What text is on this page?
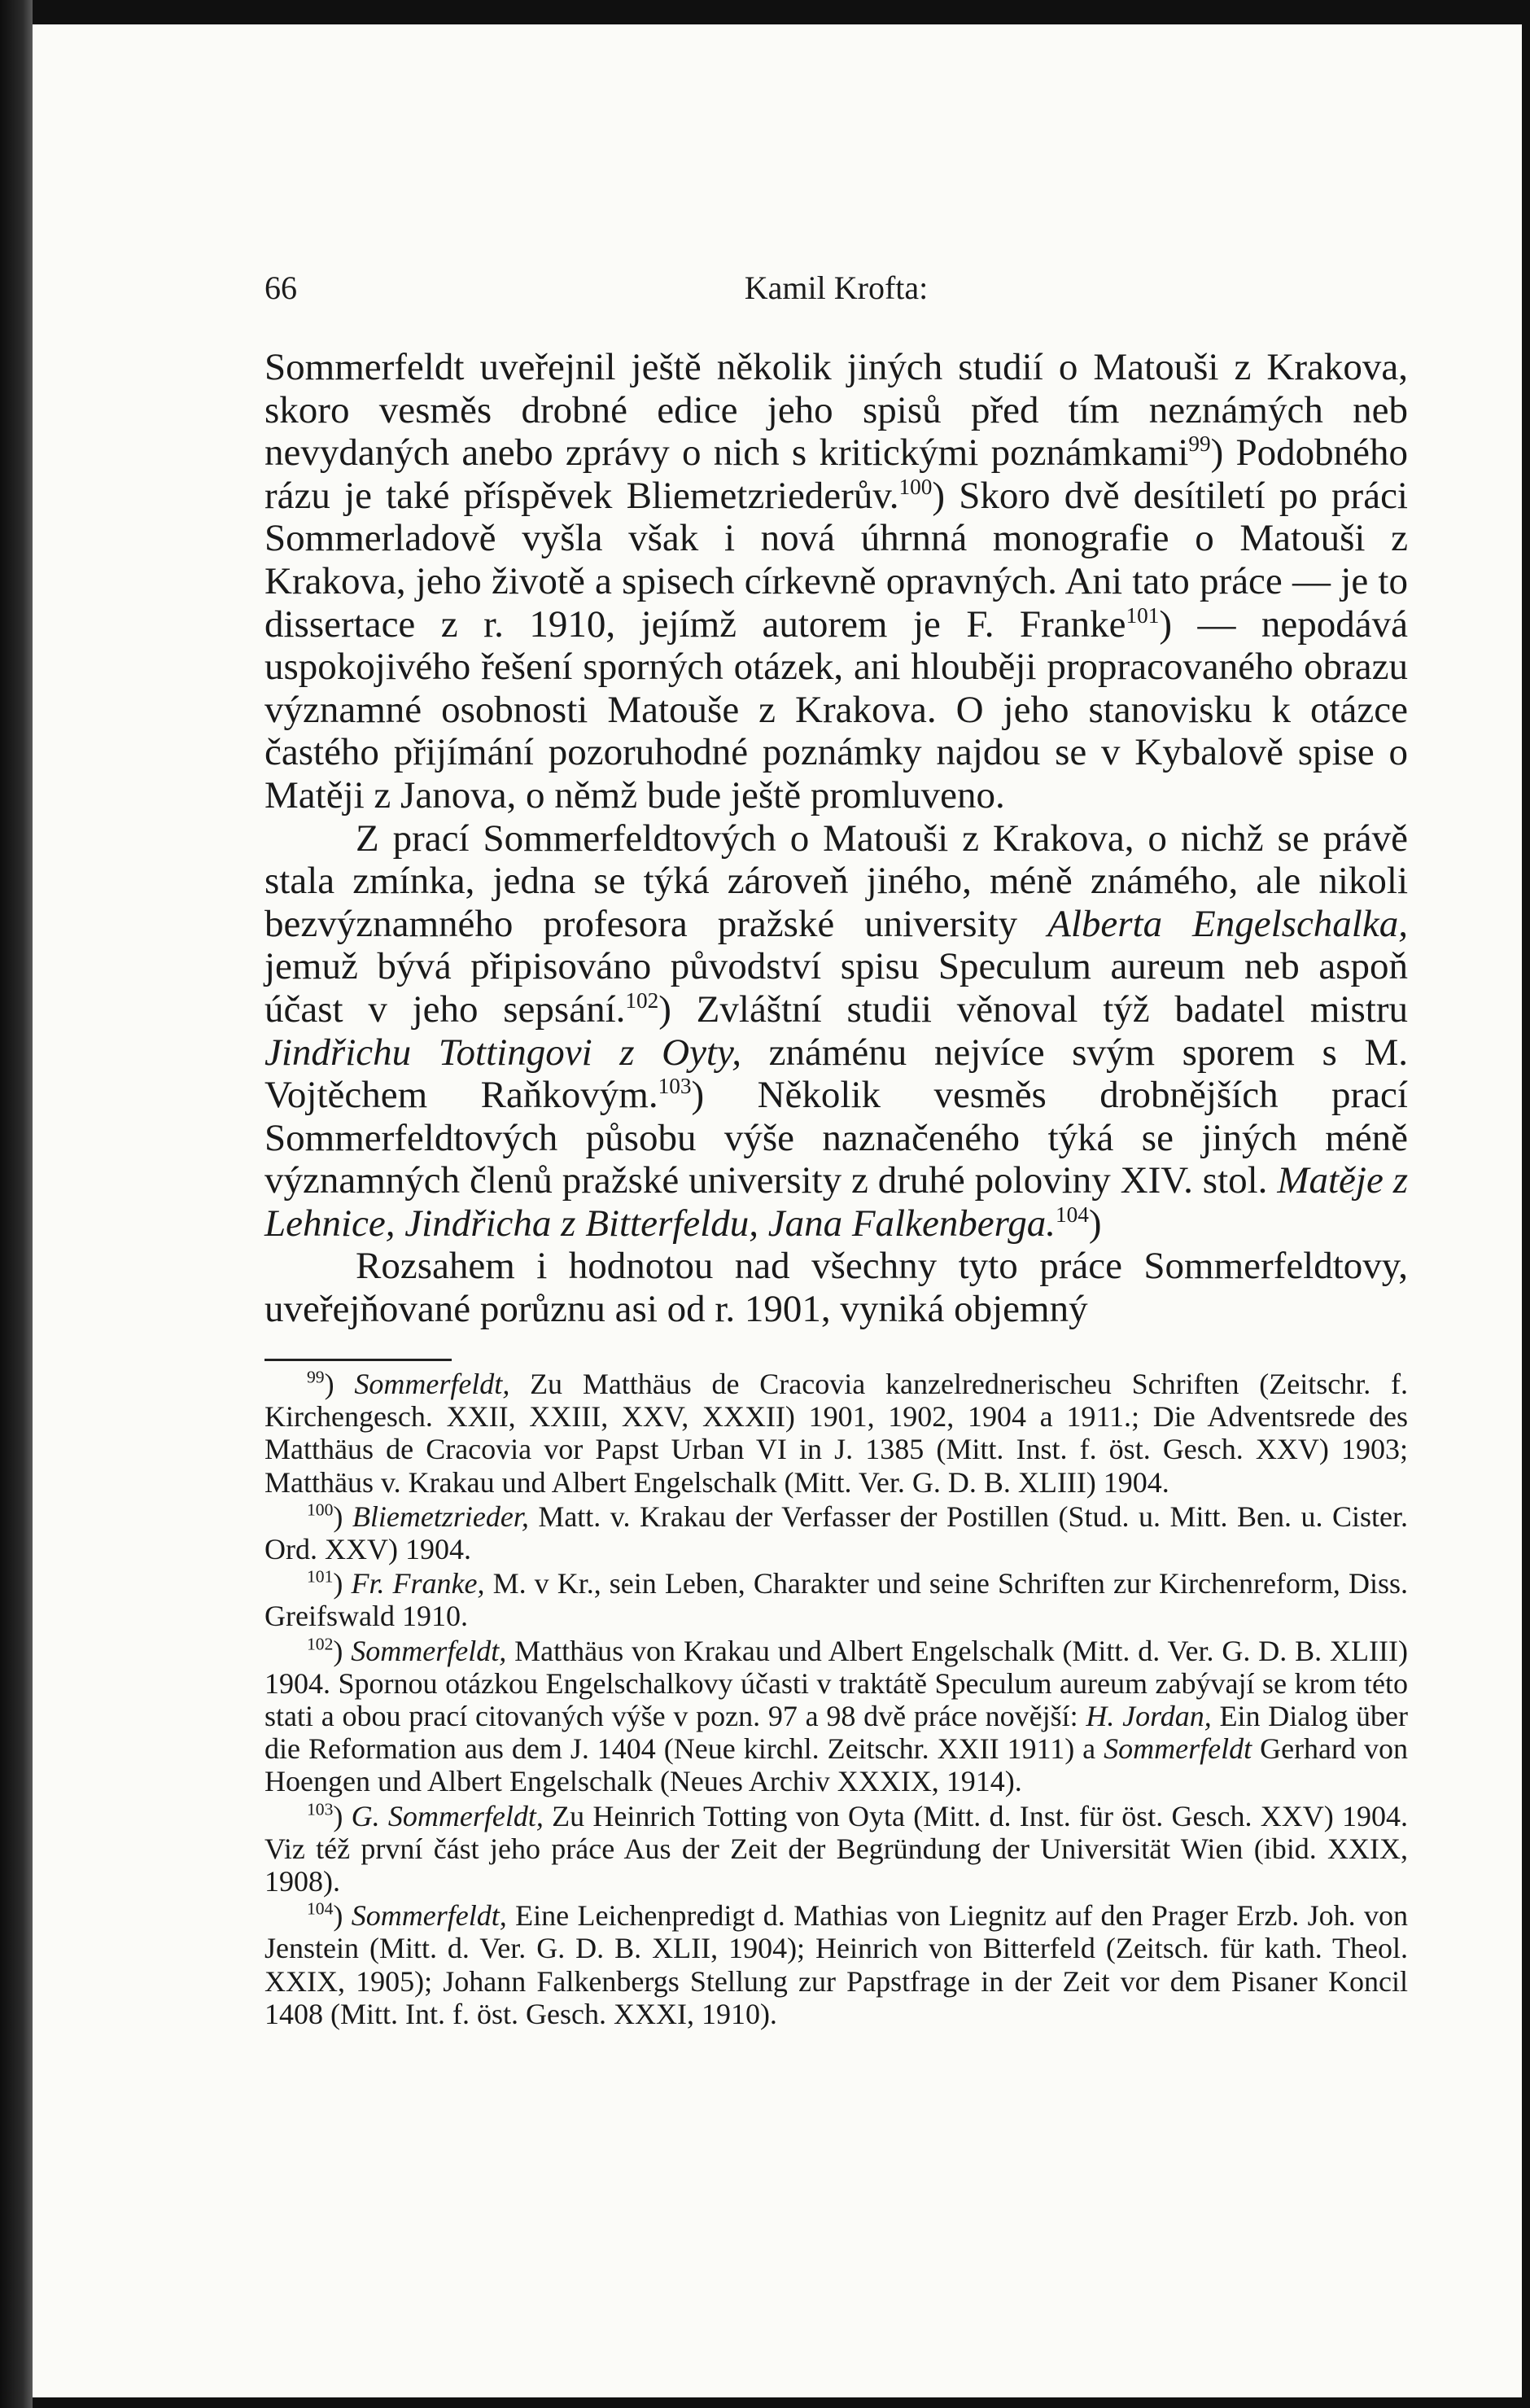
66	Kamil Krofta:

Sommerfeldt uveřejnil ještě několik jiných studií o Matouši z Krakova, skoro vesměs drobné edice jeho spisů před tím neznámých neb nevydaných anebo zprávy o nich s kritickými poznámkami$^{99}$) Podobného rázu je také příspěvek Bliemetzriederův.$^{100}$) Skoro dvě desítiletí po práci Sommerladově vyšla však i nová úhrnná monografie o Matouši z Krakova, jeho životě a spisech církevně opravných. Ani tato práce — je to dissertace z r. 1910, jejímž autorem je F. Franke$^{101}$) — nepodává uspokojivého řešení sporných otázek, ani hlouběji propracovaného obrazu významné osobnosti Matouše z Krakova. O jeho stanovisku k otázce častého přijímání pozoruhodné poznámky najdou se v Kybalově spise o Matěji z Janova, o němž bude ještě promluveno.

Z prací Sommerfeldtových o Matouši z Krakova, o nichž se právě stala zmínka, jedna se týká zároveň jiného, méně známého, ale nikoli bezvýznamného profesora pražské university Alberta Engelschalka, jemuž bývá připisováno původství spisu Speculum aureum neb aspoň účast v jeho sepsání.$^{102}$) Zvláštní studii věnoval týž badatel mistru Jindřichu Tottingovi z Oyty, známénu nejvíce svým sporem s M. Vojtěchem Raňkovým.$^{103}$) Několik vesměs drobnějších prací Sommerfeldtových působu výše naznačeného týká se jiných méně významných členů pražské university z druhé poloviny XIV. stol. Matěje z Lehnice, Jindřicha z Bitterfeldu, Jana Falkenberga.$^{104}$)

Rozsahem i hodnotou nad všechny tyto práce Sommerfeldtovy, uveřejňované porůznu asi od r. 1901, vyniká objemný

$^{99}$) Sommerfeldt, Zu Matthäus de Cracovia kanzelrednerischeu Schriften (Zeitschr. f. Kirchengesch. XXII, XXIII, XXV, XXXII) 1901, 1902, 1904 a 1911.; Die Adventsrede des Matthäus de Cracovia vor Papst Urban VI in J. 1385 (Mitt. Inst. f. öst. Gesch. XXV) 1903; Matthäus v. Krakau und Albert Engelschalk (Mitt. Ver. G. D. B. XLIII) 1904.

$^{100}$) Bliemetzrieder, Matt. v. Krakau der Verfasser der Postillen (Stud. u. Mitt. Ben. u. Cister. Ord. XXV) 1904.

$^{101}$) Fr. Franke, M. v Kr., sein Leben, Charakter und seine Schriften zur Kirchenreform, Diss. Greifswald 1910.

$^{102}$) Sommerfeldt, Matthäus von Krakau und Albert Engelschalk (Mitt. d. Ver. G. D. B. XLIII) 1904. Spornou otázkou Engelschalkovy účasti v traktátě Speculum aureum zabývají se krom této stati a obou prací citovaných výše v pozn. 97 a 98 dvě práce novější: H. Jordan, Ein Dialog über die Reformation aus dem J. 1404 (Neue kirchl. Zeitschr. XXII 1911) a Sommerfeldt Gerhard von Hoengen und Albert Engelschalk (Neues Archiv XXXIX, 1914).

$^{103}$) G. Sommerfeldt, Zu Heinrich Totting von Oyta (Mitt. d. Inst. für öst. Gesch. XXV) 1904. Viz též první část jeho práce Aus der Zeit der Begründung der Universität Wien (ibid. XXIX, 1908).

$^{104}$) Sommerfeldt, Eine Leichenpredigt d. Mathias von Liegnitz auf den Prager Erzb. Joh. von Jenstein (Mitt. d. Ver. G. D. B. XLII, 1904); Heinrich von Bitterfeld (Zeitsch. für kath. Theol. XXIX, 1905); Johann Falkenbergs Stellung zur Papstfrage in der Zeit vor dem Pisaner Koncil 1408 (Mitt. Int. f. öst. Gesch. XXXI, 1910).
